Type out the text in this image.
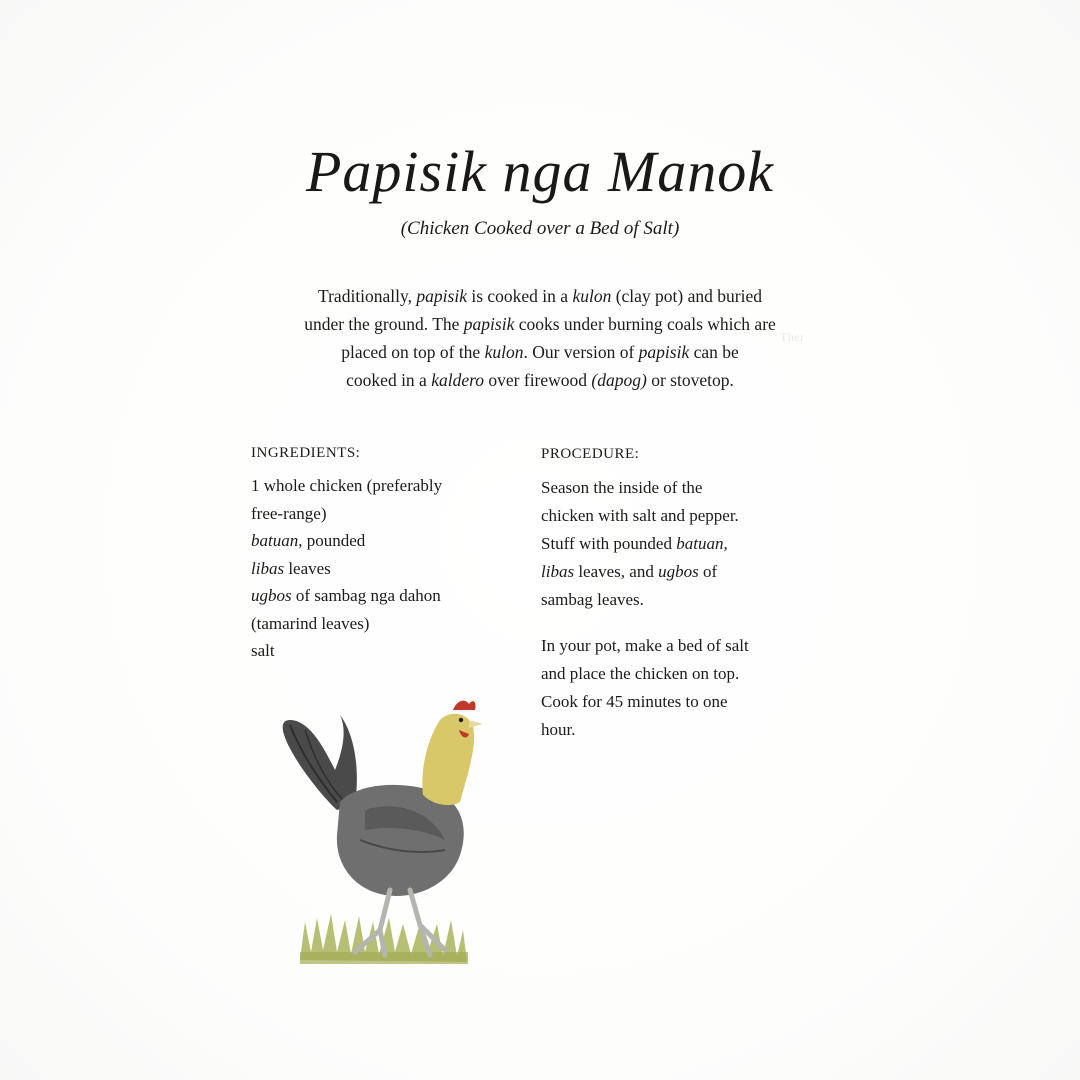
Ther
Papisik nga Manok
(Chicken Cooked over a Bed of Salt)
Traditionally, papisik is cooked in a kulon (clay pot) and buried
under the ground. The papisik cooks under burning coals which are
placed on top of the kulon. Our version of papisik can be
cooked in a kaldero over firewood (dapog) or stovetop.
INGREDIENTS:	PROCEDURE:
1 whole chicken (preferably
free-range)
batuan, pounded
libas leaves
ugbos of sambag nga dahon
(tamarind leaves)
salt
Season the inside of the
chicken with salt and pepper.
Stuff with pounded batuan,
libas leaves, and ugbos of
sambag leaves.
In your pot, make a bed of salt
and place the chicken on top.
Cook for 45 minutes to one
hour.
